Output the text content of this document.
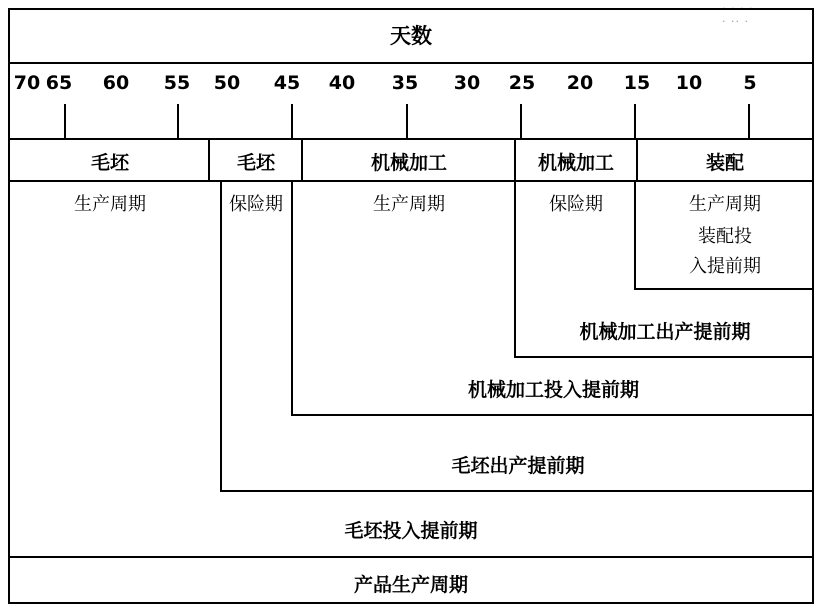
· · · ·
· ·· ·
天数
70 65 60 55 50 45 40 35 30 25 20 15 10	5
毛坯	毛坯	机械加工	机械加工	装配
生产周期	保险期	生产周期	保险期	生产周期
装配投
入提前期
机械加工出产提前期
机械加工投入提前期
毛坯出产提前期
毛坯投入提前期
产品生产周期
